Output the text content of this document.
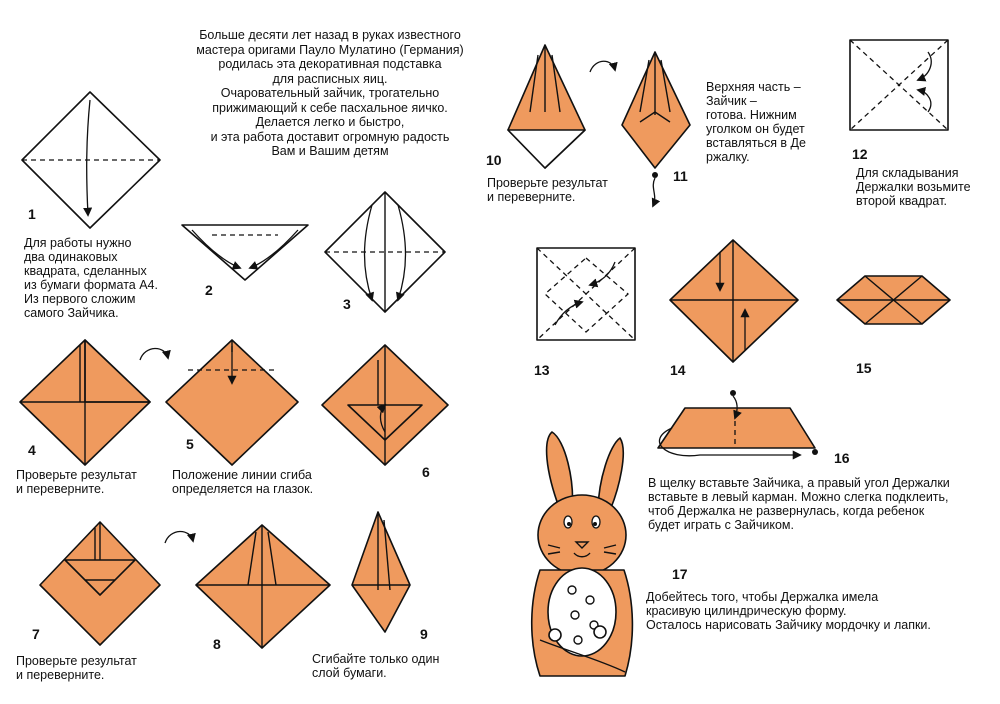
Больше десяти лет назад в руках известного
мастера оригами Пауло Мулатино (Германия)
родилась эта декоративная подставка
для расписных яиц.
Очаровательный зайчик, трогательно
прижимающий к себе пасхальное яичко.
Делается легко и быстро,
и эта работа доставит огромную радость
Вам и Вашим детям
1
2
3
4	5
6
7
8
9
10
11
12
13	14	15
16
17
Для работы нужно
два одинаковых
квадрата, сделанных
из бумаги формата А4.
Из первого сложим
самого Зайчика.
Проверьте результат
и переверните.
Положение линии сгиба
определяется на глазок.
Проверьте результат
и переверните.
Сгибайте только один
слой бумаги.
Проверьте результат
и переверните.
Верхняя часть –
Зайчик –
готова. Нижним
уголком он будет
вставляться в Де
ржалку.
Для складывания
Держалки возьмите
второй квадрат.
В щелку вставьте Зайчика, а правый угол Держалки
вставьте в левый карман. Можно слегка подклеить,
чтоб Держалка не развернулась, когда ребенок
будет играть с Зайчиком.
Добейтесь того, чтобы Держалка имела
красивую цилиндрическую форму.
Осталось нарисовать Зайчику мордочку и лапки.
